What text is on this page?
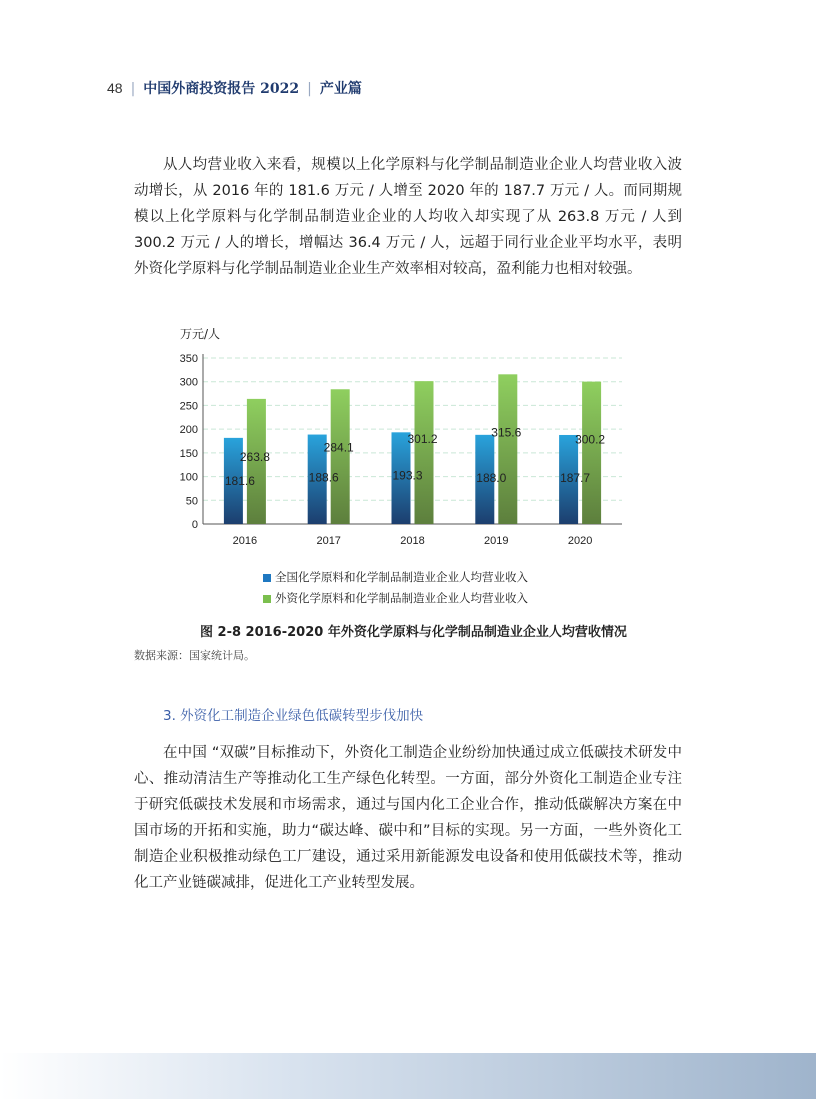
48 | 中国外商投资报告 2022 | 产业篇
从人均营业收入来看，规模以上化学原料与化学制品制造业企业人均营业收入波动增长，从 2016 年的 181.6 万元 / 人增至 2020 年的 187.7 万元 / 人。而同期规模以上化学原料与化学制品制造业企业的人均收入却实现了从 263.8 万元 / 人到 300.2 万元 / 人的增长，增幅达 36.4 万元 / 人，远超于同行业企业平均水平，表明外资化学原料与化学制品制造业企业生产效率相对较高，盈利能力也相对较强。
万元/人
0
50
100
150
200
250
300
350
2016
181.6
263.8
2017
188.6
284.1
2018
193.3
301.2
2019
188.0
315.6
2020
187.7
300.2
全国化学原料和化学制品制造业企业人均营业收入
外资化学原料和化学制品制造业企业人均营业收入
图 2-8 2016-2020 年外资化学原料与化学制品制造业企业人均营收情况
数据来源：国家统计局。
3. 外资化工制造企业绿色低碳转型步伐加快
在中国 “双碳”目标推动下，外资化工制造企业纷纷加快通过成立低碳技术研发中心、推动清洁生产等推动化工生产绿色化转型。一方面，部分外资化工制造企业专注于研究低碳技术发展和市场需求，通过与国内化工企业合作，推动低碳解决方案在中国市场的开拓和实施，助力“碳达峰、碳中和”目标的实现。另一方面，一些外资化工制造企业积极推动绿色工厂建设，通过采用新能源发电设备和使用低碳技术等，推动化工产业链碳减排，促进化工产业转型发展。
